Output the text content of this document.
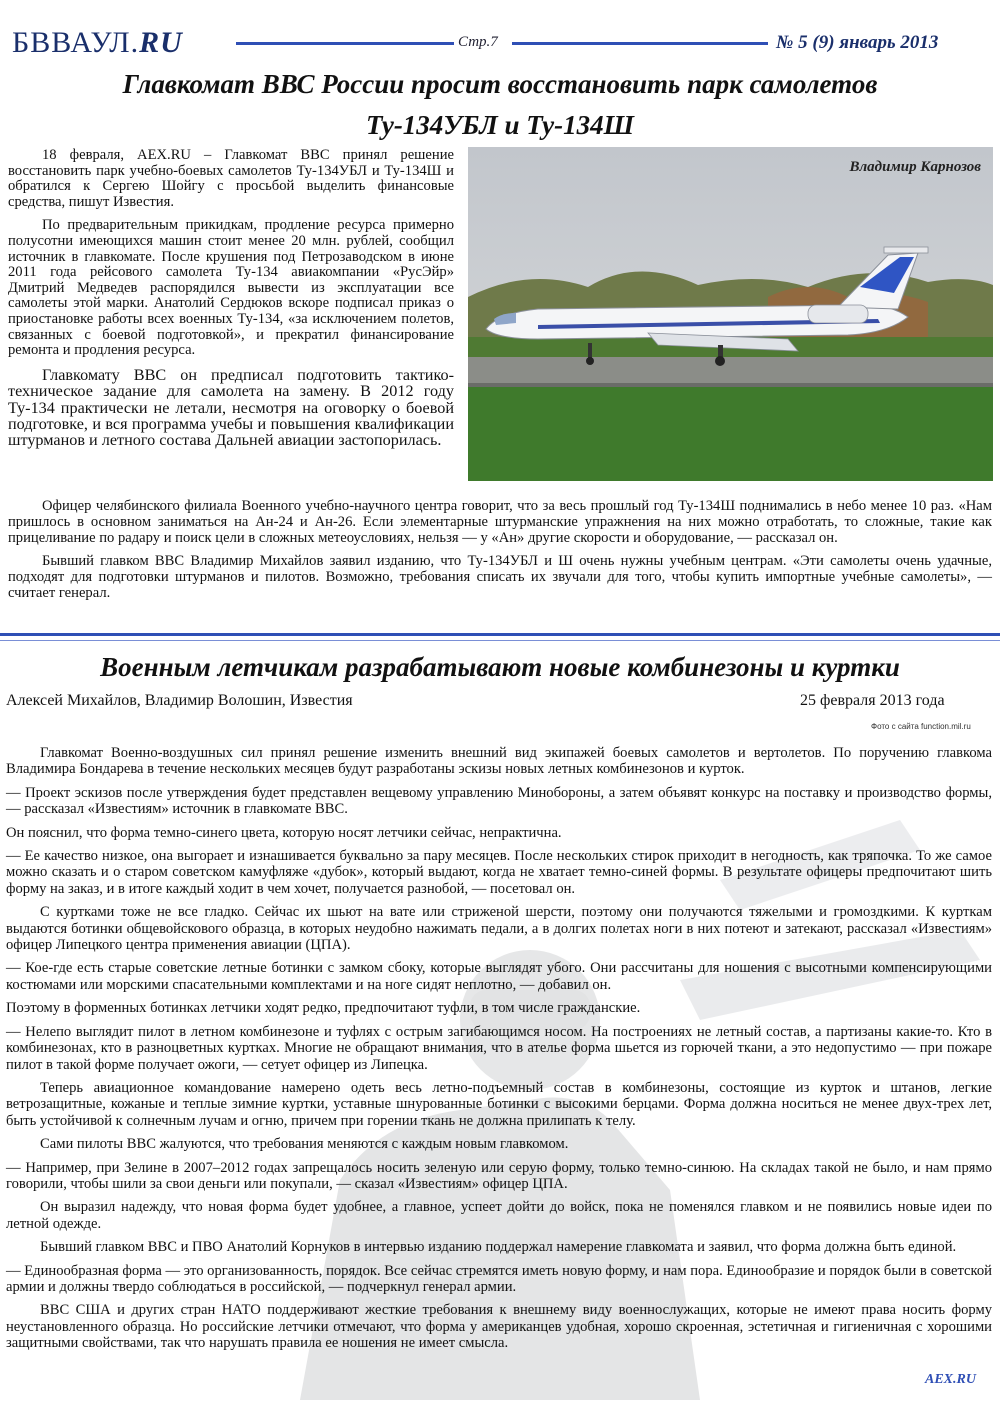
БВВАУЛ.RU	Стр.7	№ 5 (9) январь 2013
Главкомат ВВС России просит восстановить парк самолетов
Ту-134УБЛ и Ту-134Ш

18 февраля, AEX.RU – Главкомат ВВС принял решение восстановить парк учебно-боевых самолетов Ту-134УБЛ и Ту-134Ш и обратился к Сергею Шойгу с просьбой выделить финансовые средства, пишут Известия.

По предварительным прикидкам, продление ресурса примерно полусотни имеющихся машин стоит менее 20 млн. рублей, сообщил источник в главкомате. После крушения под Петрозаводском в июне 2011 года рейсового самолета Ту-134 авиакомпании «РусЭйр» Дмитрий Медведев распорядился вывести из эксплуатации все самолеты этой марки. Анатолий Сердюков вскоре подписал приказ о приостановке работы всех военных Ту-134, «за исключением полетов, связанных с боевой подготовкой», и прекратил финансирование ремонта и продления ресурса.

Главкомату ВВС он предписал подготовить тактико-техническое задание для самолета на замену. В 2012 году Ту-134 практически не летали, несмотря на оговорку о боевой подготовке, и вся программа учебы и повышения квалификации штурманов и летного состава Дальней авиации застопорилась.

Владимир Карнозов

Офицер челябинского филиала Военного учебно-научного центра говорит, что за весь прошлый год Ту-134Ш поднимались в небо менее 10 раз. «Нам пришлось в основном заниматься на Ан-24 и Ан-26. Если элементарные штурманские упражнения на них можно отработать, то сложные, такие как прицеливание по радару и поиск цели в сложных метеоусловиях, нельзя — у «Ан» другие скорости и оборудование, — рассказал он.

Бывший главком ВВС Владимир Михайлов заявил изданию, что Ту-134УБЛ и Ш очень нужны учебным центрам. «Эти самолеты очень удачные, подходят для подготовки штурманов и пилотов. Возможно, требования списать их звучали для того, чтобы купить импортные учебные самолеты», — считает генерал.

Военным летчикам разрабатывают новые комбинезоны и куртки
Алексей Михайлов, Владимир Волошин, Известия	25 февраля 2013 года
Фото с сайта function.mil.ru

Главкомат Военно-воздушных сил принял решение изменить внешний вид экипажей боевых самолетов и вертолетов. По поручению главкома Владимира Бондарева в течение нескольких месяцев будут разработаны эскизы новых летных комбинезонов и курток.

— Проект эскизов после утверждения будет представлен вещевому управлению Минобороны, а затем объявят конкурс на поставку и производство формы, — рассказал «Известиям» источник в главкомате ВВС.

Он пояснил, что форма темно-синего цвета, которую носят летчики сейчас, непрактична.

— Ее качество низкое, она выгорает и изнашивается буквально за пару месяцев. После нескольких стирок приходит в негодность, как тряпочка. То же самое можно сказать и о старом советском камуфляже «дубок», который выдают, когда не хватает темно-синей формы. В результате офицеры предпочитают шить форму на заказ, и в итоге каждый ходит в чем хочет, получается разнобой, — посетовал он.

С куртками тоже не все гладко. Сейчас их шьют на вате или стриженой шерсти, поэтому они получаются тяжелыми и громоздкими. К курткам выдаются ботинки общевойскового образца, в которых неудобно нажимать педали, а в долгих полетах ноги в них потеют и затекают, рассказал «Известиям» офицер Липецкого центра применения авиации (ЦПА).

— Кое-где есть старые советские летные ботинки с замком сбоку, которые выглядят убого. Они рассчитаны для ношения с высотными компенсирующими костюмами или морскими спасательными комплектами и на ноге сидят неплотно, — добавил он.

Поэтому в форменных ботинках летчики ходят редко, предпочитают туфли, в том числе гражданские.

— Нелепо выглядит пилот в летном комбинезоне и туфлях с острым загибающимся носом. На построениях не летный состав, а партизаны какие-то. Кто в комбинезонах, кто в разноцветных куртках. Многие не обращают внимания, что в ателье форма шьется из горючей ткани, а это недопустимо — при пожаре пилот в такой форме получает ожоги, — сетует офицер из Липецка.

Теперь авиационное командование намерено одеть весь летно-подъемный состав в комбинезоны, состоящие из курток и штанов, легкие ветрозащитные, кожаные и теплые зимние куртки, уставные шнурованные ботинки с высокими берцами. Форма должна носиться не менее двух-трех лет, быть устойчивой к солнечным лучам и огню, причем при горении ткань не должна прилипать к телу.

Сами пилоты ВВС жалуются, что требования меняются с каждым новым главкомом.

— Например, при Зелине в 2007–2012 годах запрещалось носить зеленую или серую форму, только темно-синюю. На складах такой не было, и нам прямо говорили, чтобы шили за свои деньги или покупали, — сказал «Известиям» офицер ЦПА.

Он выразил надежду, что новая форма будет удобнее, а главное, успеет дойти до войск, пока не поменялся главком и не появились новые идеи по летной одежде.

Бывший главком ВВС и ПВО Анатолий Корнуков в интервью изданию поддержал намерение главкомата и заявил, что форма должна быть единой.

— Единообразная форма — это организованность, порядок. Все сейчас стремятся иметь новую форму, и нам пора. Единообразие и порядок были в советской армии и должны твердо соблюдаться в российской, — подчеркнул генерал армии.

ВВС США и других стран НАТО поддерживают жесткие требования к внешнему виду военнослужащих, которые не имеют права носить форму неустановленного образца. Но российские летчики отмечают, что форма у американцев удобная, хорошо скроенная, эстетичная и гигиеничная с хорошими защитными свойствами, так что нарушать правила ее ношения не имеет смысла.

AEX.RU
